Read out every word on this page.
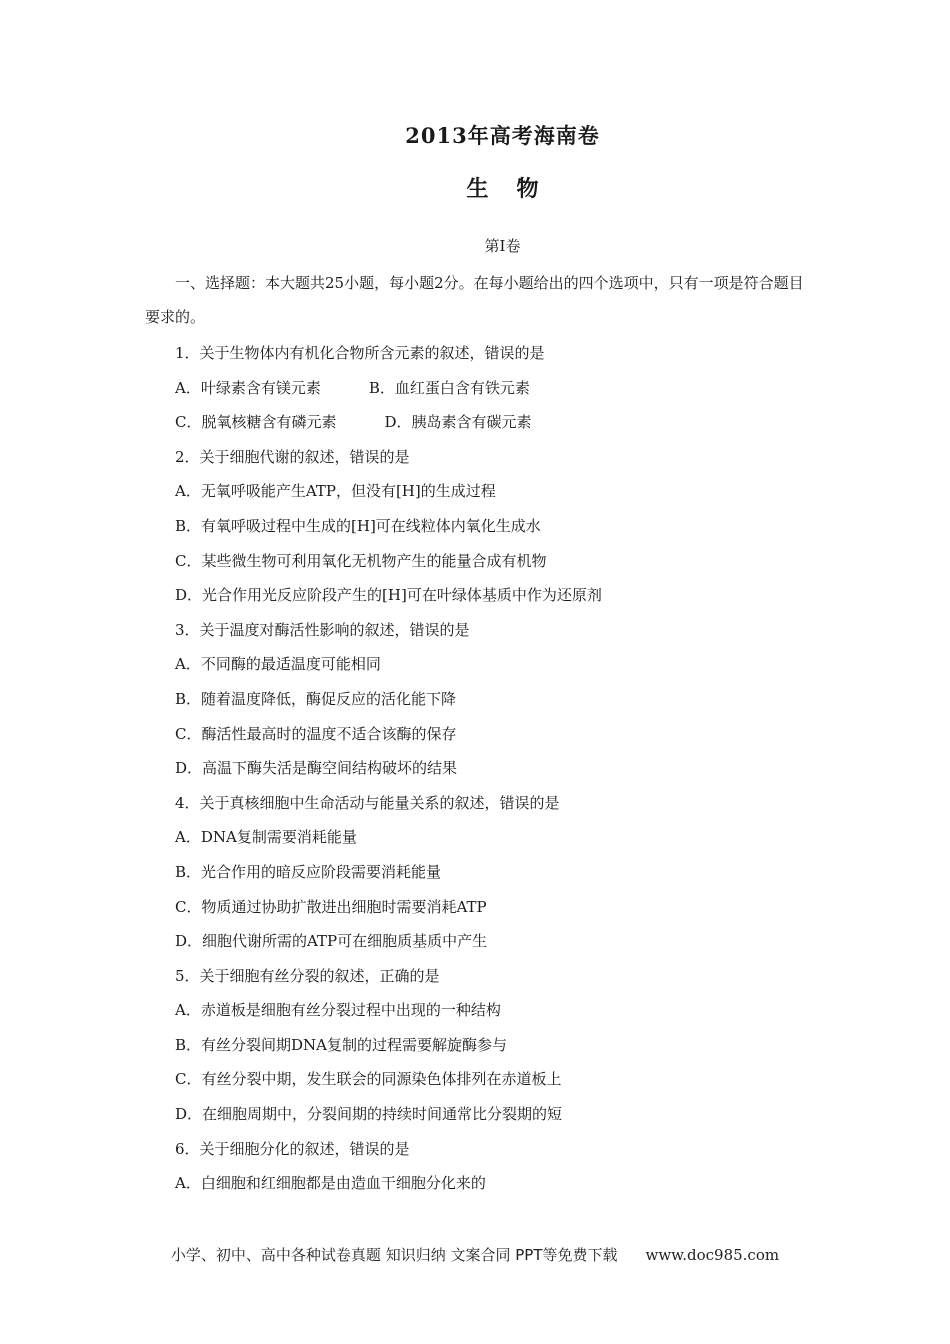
2013年高考海南卷
生 物
第I卷
一、选择题：本大题共25小题，每小题2分。在每小题给出的四个选项中，只有一项是符合题目要求的。
1．关于生物体内有机化合物所含元素的叙述，错误的是
A．叶绿素含有镁元素	B．血红蛋白含有铁元素
C．脱氧核糖含有磷元素	D．胰岛素含有碳元素
2．关于细胞代谢的叙述，错误的是
A．无氧呼吸能产生ATP，但没有[H]的生成过程
B．有氧呼吸过程中生成的[H]可在线粒体内氧化生成水
C．某些微生物可利用氧化无机物产生的能量合成有机物
D．光合作用光反应阶段产生的[H]可在叶绿体基质中作为还原剂
3．关于温度对酶活性影响的叙述，错误的是
A．不同酶的最适温度可能相同
B．随着温度降低，酶促反应的活化能下降
C．酶活性最高时的温度不适合该酶的保存
D．高温下酶失活是酶空间结构破坏的结果
4．关于真核细胞中生命活动与能量关系的叙述，错误的是
A．DNA复制需要消耗能量
B．光合作用的暗反应阶段需要消耗能量
C．物质通过协助扩散进出细胞时需要消耗ATP
D．细胞代谢所需的ATP可在细胞质基质中产生
5．关于细胞有丝分裂的叙述，正确的是
A．赤道板是细胞有丝分裂过程中出现的一种结构
B．有丝分裂间期DNA复制的过程需要解旋酶参与
C．有丝分裂中期，发生联会的同源染色体排列在赤道板上
D．在细胞周期中，分裂间期的持续时间通常比分裂期的短
6．关于细胞分化的叙述，错误的是
A．白细胞和红细胞都是由造血干细胞分化来的
小学、初中、高中各种试卷真题 知识归纳 文案合同 PPT等免费下载 www.doc985.com
